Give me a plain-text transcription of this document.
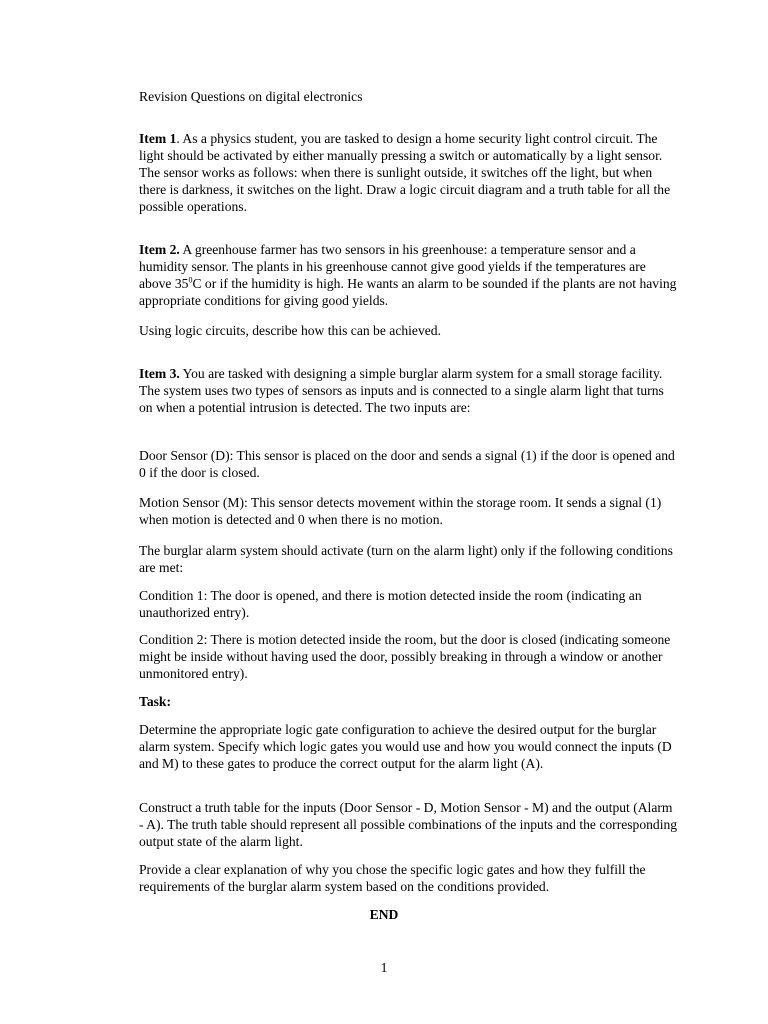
Revision Questions on digital electronics

Item 1. As a physics student, you are tasked to design a home security light control circuit. The light should be activated by either manually pressing a switch or automatically by a light sensor. The sensor works as follows: when there is sunlight outside, it switches off the light, but when there is darkness, it switches on the light. Draw a logic circuit diagram and a truth table for all the possible operations.

Item 2. A greenhouse farmer has two sensors in his greenhouse: a temperature sensor and a humidity sensor. The plants in his greenhouse cannot give good yields if the temperatures are above $35^0C$ or if the humidity is high. He wants an alarm to be sounded if the plants are not having appropriate conditions for giving good yields.

Using logic circuits, describe how this can be achieved.

Item 3. You are tasked with designing a simple burglar alarm system for a small storage facility. The system uses two types of sensors as inputs and is connected to a single alarm light that turns on when a potential intrusion is detected. The two inputs are:

Door Sensor (D): This sensor is placed on the door and sends a signal (1) if the door is opened and 0 if the door is closed.

Motion Sensor (M): This sensor detects movement within the storage room. It sends a signal (1) when motion is detected and 0 when there is no motion.

The burglar alarm system should activate (turn on the alarm light) only if the following conditions are met:

Condition 1: The door is opened, and there is motion detected inside the room (indicating an unauthorized entry).

Condition 2: There is motion detected inside the room, but the door is closed (indicating someone might be inside without having used the door, possibly breaking in through a window or another unmonitored entry).

Task:

Determine the appropriate logic gate configuration to achieve the desired output for the burglar alarm system. Specify which logic gates you would use and how you would connect the inputs (D and M) to these gates to produce the correct output for the alarm light (A).

Construct a truth table for the inputs (Door Sensor - D, Motion Sensor - M) and the output (Alarm - A). The truth table should represent all possible combinations of the inputs and the corresponding output state of the alarm light.

Provide a clear explanation of why you chose the specific logic gates and how they fulfill the requirements of the burglar alarm system based on the conditions provided.

END

1
